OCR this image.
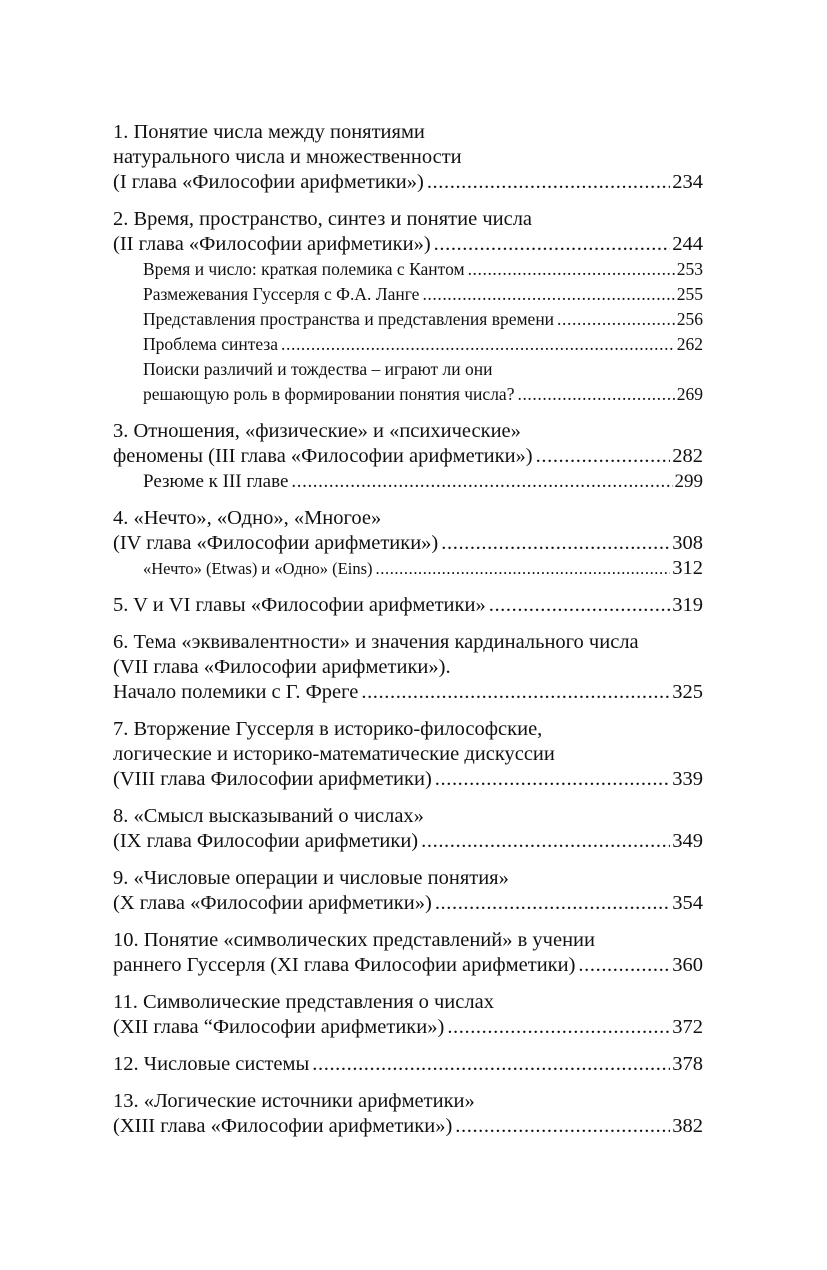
1. Понятие числа между понятиями
натурального числа и множественности
(I глава «Философии арифметики») .....	234
2. Время, пространство, синтез и понятие числа
(II глава «Философии арифметики») .....	244
Время и число: краткая полемика с Кантом .....	253
Размежевания Гуссерля с Ф.А. Ланге .....	255
Представления пространства и представления времени .....	256
Проблема синтеза .....	262
Поиски различий и тождества – играют ли они
решающую роль в формировании понятия числа? .....	269
3. Отношения, «физические» и «психические»
феномены (III глава «Философии арифметики») .....	282
Резюме к III главе .....	299
4. «Нечто», «Одно», «Многое»
(IV глава «Философии арифметики») .....	308
«Нечто» (Etwas) и «Одно» (Eins) .....	312
5. V и VI главы «Философии арифметики» .....	319
6. Тема «эквивалентности» и значения кардинального числа
(VII глава «Философии арифметики»).
Начало полемики с Г. Фреге .....	325
7. Вторжение Гуссерля в историко-философские,
логические и историко-математические дискуссии
(VIII глава Философии арифметики) .....	339
8. «Смысл высказываний о числах»
(IX глава Философии арифметики) .....	349
9. «Числовые операции и числовые понятия»
(X глава «Философии арифметики») .....	354
10. Понятие «символических представлений» в учении
раннего Гуссерля (XI глава Философии арифметики) .....	360
11. Символические представления о числах
(XII глава “Философии арифметики») .....	372
12. Числовые системы .....	378
13. «Логические источники арифметики»
(XIII глава «Философии арифметики») .....	382
